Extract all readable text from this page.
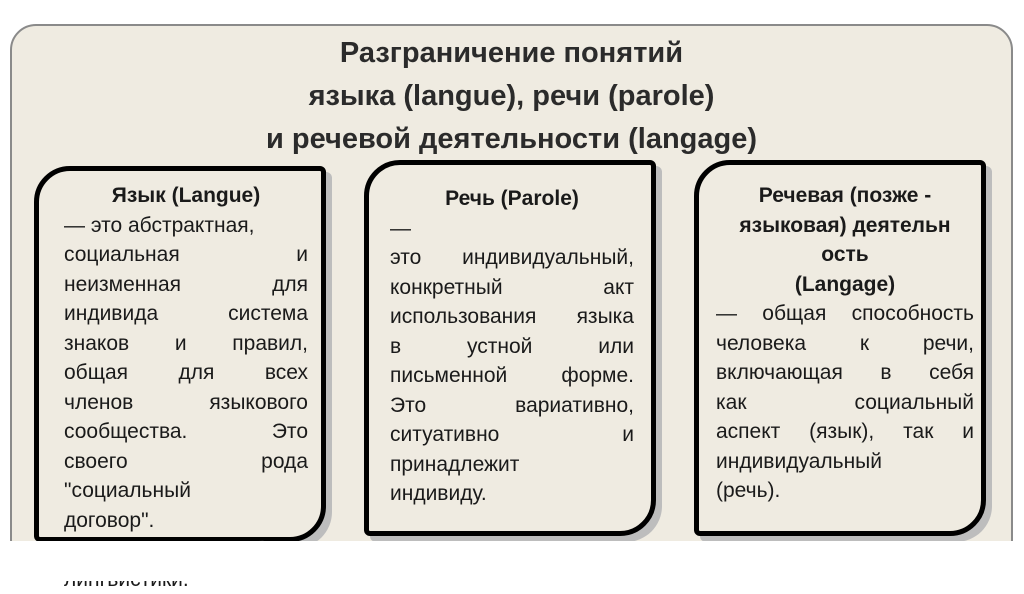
Разграничение понятий
языка (langue), речи (parole)
и речевой деятельности (langage)
Язык (Langue)
— это абстрактная,
социальная и
неизменная для
индивида система
знаков и правил,
общая для всех
членов языкового
сообщества. Это
своего рода
"социальный
договор".
Речь (Parole)
—
это индивидуальный,
конкретный акт
использования языка
в устной или
письменной форме.
Это вариативно,
ситуативно и
принадлежит
индивиду.
Речевая (позже -
языковая) деятельн
ость
(Langage)
— общая способность
человека к речи,
включающая в себя
как социальный
аспект (язык), так и
индивидуальный
(речь).
